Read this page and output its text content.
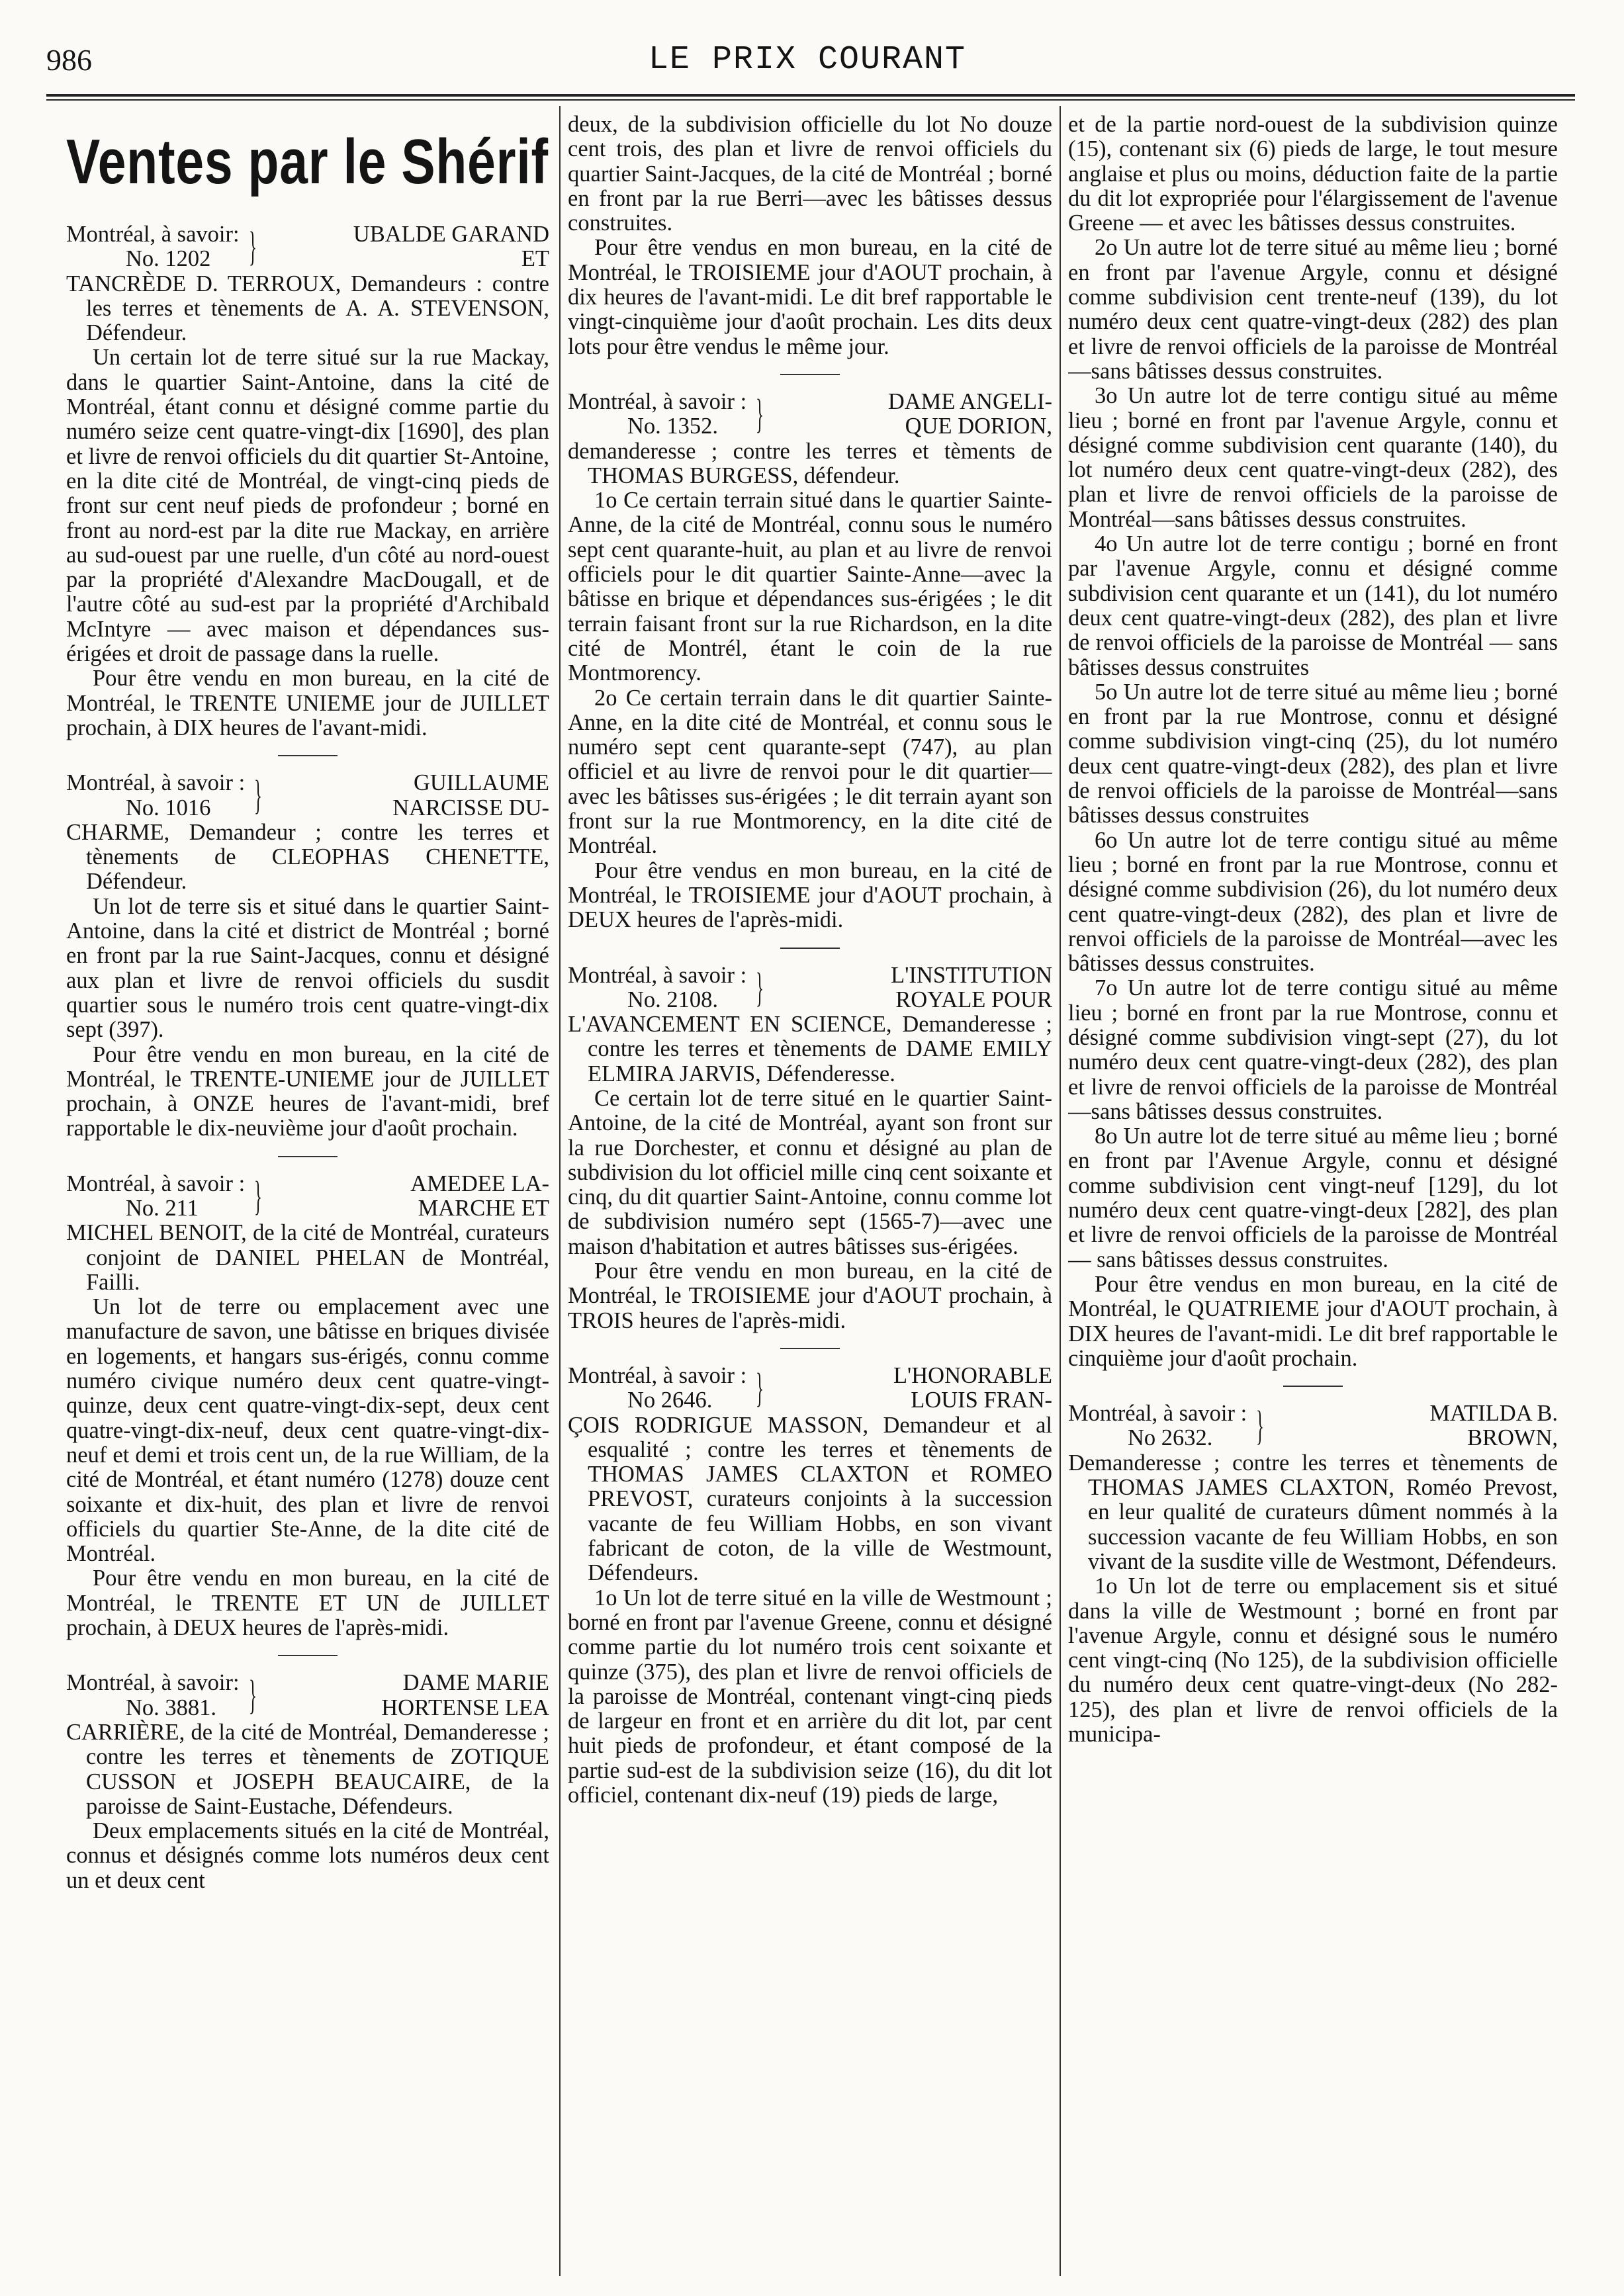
986	LE PRIX COURANT
Ventes par le Shérif
Montréal, à savoir:
No. 1202 }	UBALDE GARAND
ET

TANCRÈDE D. TERROUX, Demandeurs : contre les terres et tènements de A. A. STEVENSON, Défendeur.

Un certain lot de terre situé sur la rue Mackay, dans le quartier Saint-Antoine, dans la cité de Montréal, étant connu et désigné comme partie du numéro seize cent quatre-vingt-dix [1690], des plan et livre de renvoi officiels du dit quartier St-Antoine, en la dite cité de Montréal, de vingt-cinq pieds de front sur cent neuf pieds de profondeur ; borné en front au nord-est par la dite rue Mackay, en arrière au sud-ouest par une ruelle, d'un côté au nord-ouest par la propriété d'Alexandre MacDougall, et de l'autre côté au sud-est par la propriété d'Archibald McIntyre — avec maison et dépendances sus-érigées et droit de passage dans la ruelle.

Pour être vendu en mon bureau, en la cité de Montréal, le TRENTE UNIEME jour de JUILLET prochain, à DIX heures de l'avant-midi.

Montréal, à savoir :
No. 1016	}	GUILLAUME
NARCISSE DU-

CHARME, Demandeur ; contre les terres et tènements de CLEOPHAS CHENETTE, Défendeur.

Un lot de terre sis et situé dans le quartier Saint-Antoine, dans la cité et district de Montréal ; borné en front par la rue Saint-Jacques, connu et désigné aux plan et livre de renvoi officiels du susdit quartier sous le numéro trois cent quatre-vingt-dix sept (397).

Pour être vendu en mon bureau, en la cité de Montréal, le TRENTE-UNIEME jour de JUILLET prochain, à ONZE heures de l'avant-midi, bref rapportable le dix-neuvième jour d'août prochain.

Montréal, à savoir :
No. 211	}	AMEDEE LA-
MARCHE ET

MICHEL BENOIT, de la cité de Montréal, curateurs conjoint de DANIEL PHELAN de Montréal, Failli.

Un lot de terre ou emplacement avec une manufacture de savon, une bâtisse en briques divisée en logements, et hangars sus-érigés, connu comme numéro civique numéro deux cent quatre-vingt-quinze, deux cent quatre-vingt-dix-sept, deux cent quatre-vingt-dix-neuf, deux cent quatre-vingt-dix-neuf et demi et trois cent un, de la rue William, de la cité de Montréal, et étant numéro (1278) douze cent soixante et dix-huit, des plan et livre de renvoi officiels du quartier Ste-Anne, de la dite cité de Montréal.

Pour être vendu en mon bureau, en la cité de Montréal, le TRENTE ET UN de JUILLET prochain, à DEUX heures de l'après-midi.

Montréal, à savoir:
No. 3881. }	DAME MARIE
HORTENSE LEA

CARRIÈRE, de la cité de Montréal, Demanderesse ; contre les terres et tènements de ZOTIQUE CUSSON et JOSEPH BEAUCAIRE, de la paroisse de Saint-Eustache, Défendeurs.

Deux emplacements situés en la cité de Montréal, connus et désignés comme lots numéros deux cent un et deux cent

deux, de la subdivision officielle du lot No douze cent trois, des plan et livre de renvoi officiels du quartier Saint-Jacques, de la cité de Montréal ; borné en front par la rue Berri—avec les bâtisses dessus construites.

Pour être vendus en mon bureau, en la cité de Montréal, le TROISIEME jour d'AOUT prochain, à dix heures de l'avant-midi. Le dit bref rapportable le vingt-cinquième jour d'août prochain. Les dits deux lots pour être vendus le même jour.

Montréal, à savoir :
No. 1352. }	DAME ANGELI-
QUE DORION,

demanderesse ; contre les terres et tèments de THOMAS BURGESS, défendeur.

1o Ce certain terrain situé dans le quartier Sainte-Anne, de la cité de Montréal, connu sous le numéro sept cent quarante-huit, au plan et au livre de renvoi officiels pour le dit quartier Sainte-Anne—avec la bâtisse en brique et dépendances sus-érigées ; le dit terrain faisant front sur la rue Richardson, en la dite cité de Montrél, étant le coin de la rue Montmorency.

2o Ce certain terrain dans le dit quartier Sainte-Anne, en la dite cité de Montréal, et connu sous le numéro sept cent quarante-sept (747), au plan officiel et au livre de renvoi pour le dit quartier—avec les bâtisses sus-érigées ; le dit terrain ayant son front sur la rue Montmorency, en la dite cité de Montréal.

Pour être vendus en mon bureau, en la cité de Montréal, le TROISIEME jour d'AOUT prochain, à DEUX heures de l'après-midi.

Montréal, à savoir :
No. 2108. }	L'INSTITUTION
ROYALE POUR

L'AVANCEMENT EN SCIENCE, Demanderesse ; contre les terres et tènements de DAME EMILY ELMIRA JARVIS, Défenderesse.

Ce certain lot de terre situé en le quartier Saint-Antoine, de la cité de Montréal, ayant son front sur la rue Dorchester, et connu et désigné au plan de subdivision du lot officiel mille cinq cent soixante et cinq, du dit quartier Saint-Antoine, connu comme lot de subdivision numéro sept (1565-7)—avec une maison d'habitation et autres bâtisses sus-érigées.

Pour être vendu en mon bureau, en la cité de Montréal, le TROISIEME jour d'AOUT prochain, à TROIS heures de l'après-midi.

Montréal, à savoir :
No 2646.	}	L'HONORABLE
LOUIS FRAN-

ÇOIS RODRIGUE MASSON, Demandeur et al esqualité ; contre les terres et tènements de THOMAS JAMES CLAXTON et ROMEO PREVOST, curateurs conjoints à la succession vacante de feu William Hobbs, en son vivant fabricant de coton, de la ville de Westmount, Défendeurs.

1o Un lot de terre situé en la ville de Westmount ; borné en front par l'avenue Greene, connu et désigné comme partie du lot numéro trois cent soixante et quinze (375), des plan et livre de renvoi officiels de la paroisse de Montréal, contenant vingt-cinq pieds de largeur en front et en arrière du dit lot, par cent huit pieds de profondeur, et étant composé de la partie sud-est de la subdivision seize (16), du dit lot officiel, contenant dix-neuf (19) pieds de large,

et de la partie nord-ouest de la subdivision quinze (15), contenant six (6) pieds de large, le tout mesure anglaise et plus ou moins, déduction faite de la partie du dit lot expropriée pour l'élargissement de l'avenue Greene — et avec les bâtisses dessus construites.

2o Un autre lot de terre situé au même lieu ; borné en front par l'avenue Argyle, connu et désigné comme subdivision cent trente-neuf (139), du lot numéro deux cent quatre-vingt-deux (282) des plan et livre de renvoi officiels de la paroisse de Montréal—sans bâtisses dessus construites.

3o Un autre lot de terre contigu situé au même lieu ; borné en front par l'avenue Argyle, connu et désigné comme subdivision cent quarante (140), du lot numéro deux cent quatre-vingt-deux (282), des plan et livre de renvoi officiels de la paroisse de Montréal—sans bâtisses dessus construites.

4o Un autre lot de terre contigu ; borné en front par l'avenue Argyle, connu et désigné comme subdivision cent quarante et un (141), du lot numéro deux cent quatre-vingt-deux (282), des plan et livre de renvoi officiels de la paroisse de Montréal — sans bâtisses dessus construites

5o Un autre lot de terre situé au même lieu ; borné en front par la rue Montrose, connu et désigné comme subdivision vingt-cinq (25), du lot numéro deux cent quatre-vingt-deux (282), des plan et livre de renvoi officiels de la paroisse de Montréal—sans bâtisses dessus construites

6o Un autre lot de terre contigu situé au même lieu ; borné en front par la rue Montrose, connu et désigné comme subdivision (26), du lot numéro deux cent quatre-vingt-deux (282), des plan et livre de renvoi officiels de la paroisse de Montréal—avec les bâtisses dessus construites.

7o Un autre lot de terre contigu situé au même lieu ; borné en front par la rue Montrose, connu et désigné comme subdivision vingt-sept (27), du lot numéro deux cent quatre-vingt-deux (282), des plan et livre de renvoi officiels de la paroisse de Montréal—sans bâtisses dessus construites.

8o Un autre lot de terre situé au même lieu ; borné en front par l'Avenue Argyle, connu et désigné comme subdivision cent vingt-neuf [129], du lot numéro deux cent quatre-vingt-deux [282], des plan et livre de renvoi officiels de la paroisse de Montréal — sans bâtisses dessus construites.

Pour être vendus en mon bureau, en la cité de Montréal, le QUATRIEME jour d'AOUT prochain, à DIX heures de l'avant-midi. Le dit bref rapportable le cinquième jour d'août prochain.

Montréal, à savoir :
No 2632.	}	MATILDA B.
BROWN,

Demanderesse ; contre les terres et tènements de THOMAS JAMES CLAXTON, Roméo Prevost, en leur qualité de curateurs dûment nommés à la succession vacante de feu William Hobbs, en son vivant de la susdite ville de Westmont, Défendeurs.

1o Un lot de terre ou emplacement sis et situé dans la ville de Westmount ; borné en front par l'avenue Argyle, connu et désigné sous le numéro cent vingt-cinq (No 125), de la subdivision officielle du numéro deux cent quatre-vingt-deux (No 282-125), des plan et livre de renvoi officiels de la municipa-
